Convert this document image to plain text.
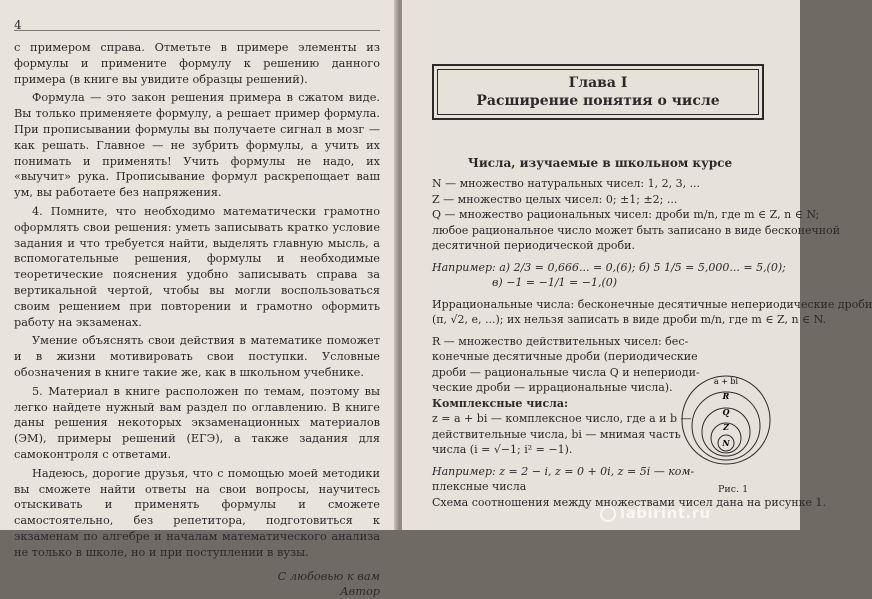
4

с примером справа. Отметьте в примере элементы из формулы и примените формулу к решению данного примера (в книге вы увидите образцы решений).

Формула — это закон решения примера в сжатом виде. Вы только применяете формулу, а решает пример формула. При прописывании формулы вы получаете сигнал в мозг — как решать. Главное — не зубрить формулы, а учить их понимать и применять! Учить формулы не надо, их «выучит» рука. Прописывание формул раскрепощает ваш ум, вы работаете без напряжения.

4. Помните, что необходимо математически грамотно оформлять свои решения: уметь записывать кратко условие задания и что требуется найти, выделять главную мысль, а вспомогательные решения, формулы и необходимые теоретические пояснения удобно записывать справа за вертикальной чертой, чтобы вы могли воспользоваться своим решением при повторении и грамотно оформить работу на экзаменах.

Умение объяснять свои действия в математике поможет и в жизни мотивировать свои поступки. Условные обозначения в книге такие же, как в школьном учебнике.

5. Материал в книге расположен по темам, поэтому вы легко найдете нужный вам раздел по оглавлению. В книге даны решения некоторых экзаменационных материалов (ЭМ), примеры решений (ЕГЭ), а также задания для самоконтроля с ответами.

Надеюсь, дорогие друзья, что с помощью моей методики вы сможете найти ответы на свои вопросы, научитесь отыскивать и применять формулы и сможете самостоятельно, без репетитора, подготовиться к экзаменам по алгебре и началам математического анализа не только в школе, но и при поступлении в вузы.

С любовью к вам
Автор
Глава I
Расширение понятия о числе
Числа, изучаемые в школьном курсе
N — множество натуральных чисел: 1, 2, 3, ...
Z — множество целых чисел: 0; ±1; ±2; ...
Q — множество рациональных чисел: дроби m/n, где m ∈ Z, n ∈ N;
любое рациональное число может быть записано в виде бесконечной
десятичной периодической дроби.
Например: а) 2/3 = 0,666... = 0,(6); б) 5 1/5 = 5,000... = 5,(0);
в) −1 = −1/1 = −1,(0)
Иррациональные числа: бесконечные десятичные непериодические дроби
(π, √2, e, ...); их нельзя записать в виде дроби m/n, где m ∈ Z, n ∈ N.
R — множество действительных чисел: бес-
конечные десятичные дроби (периодические
дроби — рациональные числа Q и непериоди-
ческие дроби — иррациональные числа).
Комплексные числа:
z = a + bi — комплексное число, где a и b —
действительные числа, bi — мнимая часть
числа (i = √−1; i² = −1).
Например: z = 2 − i, z = 0 + 0i, z = 5i — ком-
плексные числа
Схема соотношения между множествами чисел дана на рисунке 1.
a + bi
R
Q
Z
N
Рис. 1
labirint.ru
